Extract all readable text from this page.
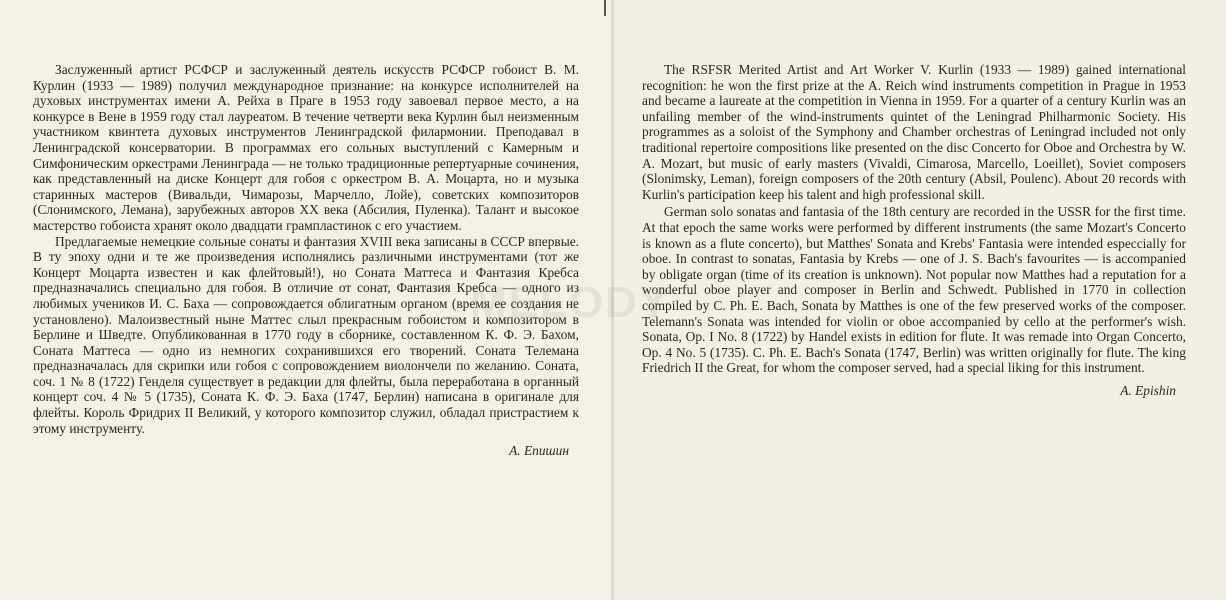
Заслуженный артист РСФСР и заслуженный деятель искусств РСФСР гобоист В. М. Курлин (1933 — 1989) получил международное признание: на конкурсе исполнителей на духовых инструментах имени А. Рейха в Праге в 1953 году завоевал первое место, а на конкурсе в Вене в 1959 году стал лауреатом. В течение четверти века Курлин был неизменным участником квинтета духовых инструментов Ленинградской филармонии. Преподавал в Ленинградской консерватории. В программах его сольных выступлений с Камерным и Симфоническим оркестрами Ленинграда — не только традиционные репертуарные сочинения, как представленный на диске Концерт для гобоя с оркестром В. А. Моцарта, но и музыка старинных мастеров (Вивальди, Чимарозы, Марчелло, Лойе), советских композиторов (Слонимского, Лемана), зарубежных авторов XX века (Абсилия, Пуленка). Талант и высокое мастерство гобоиста хранят около двадцати грампластинок с его участием.

Предлагаемые немецкие сольные сонаты и фантазия XVIII века записаны в СССР впервые. В ту эпоху одни и те же произведения исполнялись различными инструментами (тот же Концерт Моцарта известен и как флейтовый!), но Соната Маттеса и Фантазия Кребса предназначались специально для гобоя. В отличие от сонат, Фантазия Кребса — одного из любимых учеников И. С. Баха — сопровождается облигатным органом (время ее создания не установлено). Малоизвестный ныне Маттес слыл прекрасным гобоистом и композитором в Берлине и Шведте. Опубликованная в 1770 году в сборнике, составленном К. Ф. Э. Бахом, Соната Маттеса — одно из немногих сохранившихся его творений. Соната Телемана предназначалась для скрипки или гобоя с сопровождением виолончели по желанию. Соната, соч. 1 № 8 (1722) Генделя существует в редакции для флейты, была переработана в органный концерт соч. 4 № 5 (1735), Соната К. Ф. Э. Баха (1747, Берлин) написана в оригинале для флейты. Король Фридрих II Великий, у которого композитор служил, обладал пристрастием к этому инструменту.

А. Епишин

The RSFSR Merited Artist and Art Worker V. Kurlin (1933 — 1989) gained international recognition: he won the first prize at the A. Reich wind instruments competition in Prague in 1953 and became a laureate at the competition in Vienna in 1959. For a quarter of a century Kurlin was an unfailing member of the wind-instruments quintet of the Leningrad Philharmonic Society. His programmes as a soloist of the Symphony and Chamber orchestras of Leningrad included not only traditional repertoire compositions like presented on the disc Concerto for Oboe and Orchestra by W. A. Mozart, but music of early masters (Vivaldi, Cimarosa, Marcello, Loeillet), Soviet composers (Slonimsky, Leman), foreign composers of the 20th century (Absil, Poulenc). About 20 records with Kurlin's participation keep his talent and high professional skill.

German solo sonatas and fantasia of the 18th century are recorded in the USSR for the first time. At that epoch the same works were performed by different instruments (the same Mozart's Concerto is known as a flute concerto), but Matthes' Sonata and Krebs' Fantasia were intended espeсcially for oboe. In contrast to sonatas, Fantasia by Krebs — one of J. S. Bach's favourites — is accompanied by obligate organ (time of its creation is unknown). Not popular now Matthes had a reputation for a wonderful oboe player and composer in Berlin and Schwedt. Published in 1770 in collection compiled by C. Ph. E. Bach, Sonata by Matthes is one of the few preserved works of the composer. Telemann's Sonata was intended for violin or oboe accompanied by cello at the performer's wish. Sonata, Op. I No. 8 (1722) by Handel exists in edition for flute. It was remade into Organ Concerto, Op. 4 No. 5 (1735). C. Ph. E. Bach's Sonata (1747, Berlin) was written originally for flute. The king Friedrich II the Great, for whom the composer served, had a special liking for this instrument.

A. Epishin
